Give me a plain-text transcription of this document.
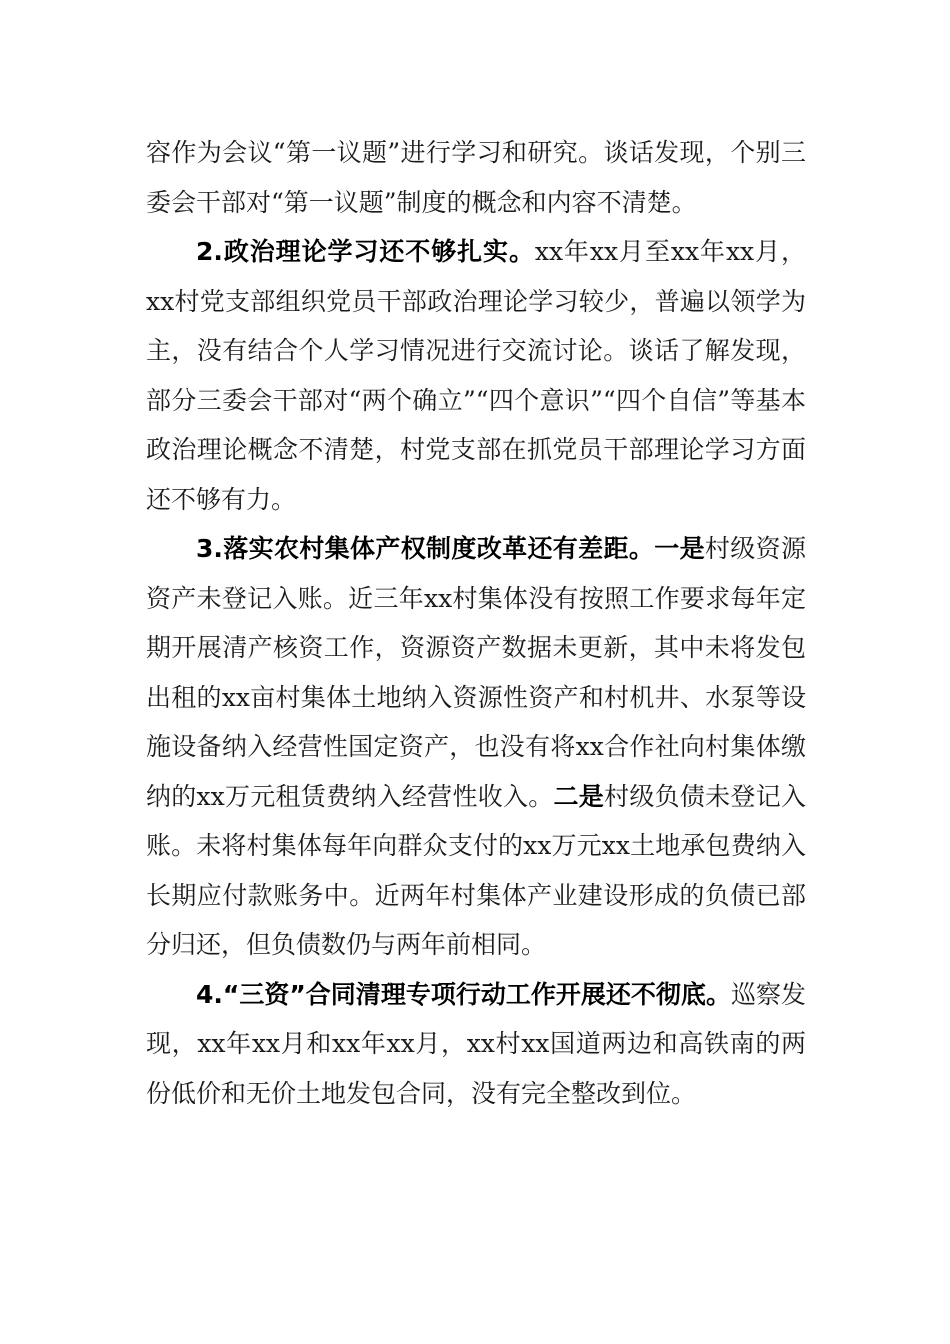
容作为会议“第一议题”进行学习和研究。谈话发现，个别三委会干部对“第一议题”制度的概念和内容不清楚。

2.政治理论学习还不够扎实。xx年xx月至xx年xx月，xx村党支部组织党员干部政治理论学习较少，普遍以领学为主，没有结合个人学习情况进行交流讨论。谈话了解发现，部分三委会干部对“两个确立”“四个意识”“四个自信”等基本政治理论概念不清楚，村党支部在抓党员干部理论学习方面还不够有力。

3.落实农村集体产权制度改革还有差距。一是村级资源资产未登记入账。近三年xx村集体没有按照工作要求每年定期开展清产核资工作，资源资产数据未更新，其中未将发包出租的xx亩村集体土地纳入资源性资产和村机井、水泵等设施设备纳入经营性国定资产，也没有将xx合作社向村集体缴纳的xx万元租赁费纳入经营性收入。二是村级负债未登记入账。未将村集体每年向群众支付的xx万元xx土地承包费纳入长期应付款账务中。近两年村集体产业建设形成的负债已部分归还，但负债数仍与两年前相同。

4.“三资”合同清理专项行动工作开展还不彻底。巡察发现，xx年xx月和xx年xx月，xx村xx国道两边和高铁南的两份低价和无价土地发包合同，没有完全整改到位。
